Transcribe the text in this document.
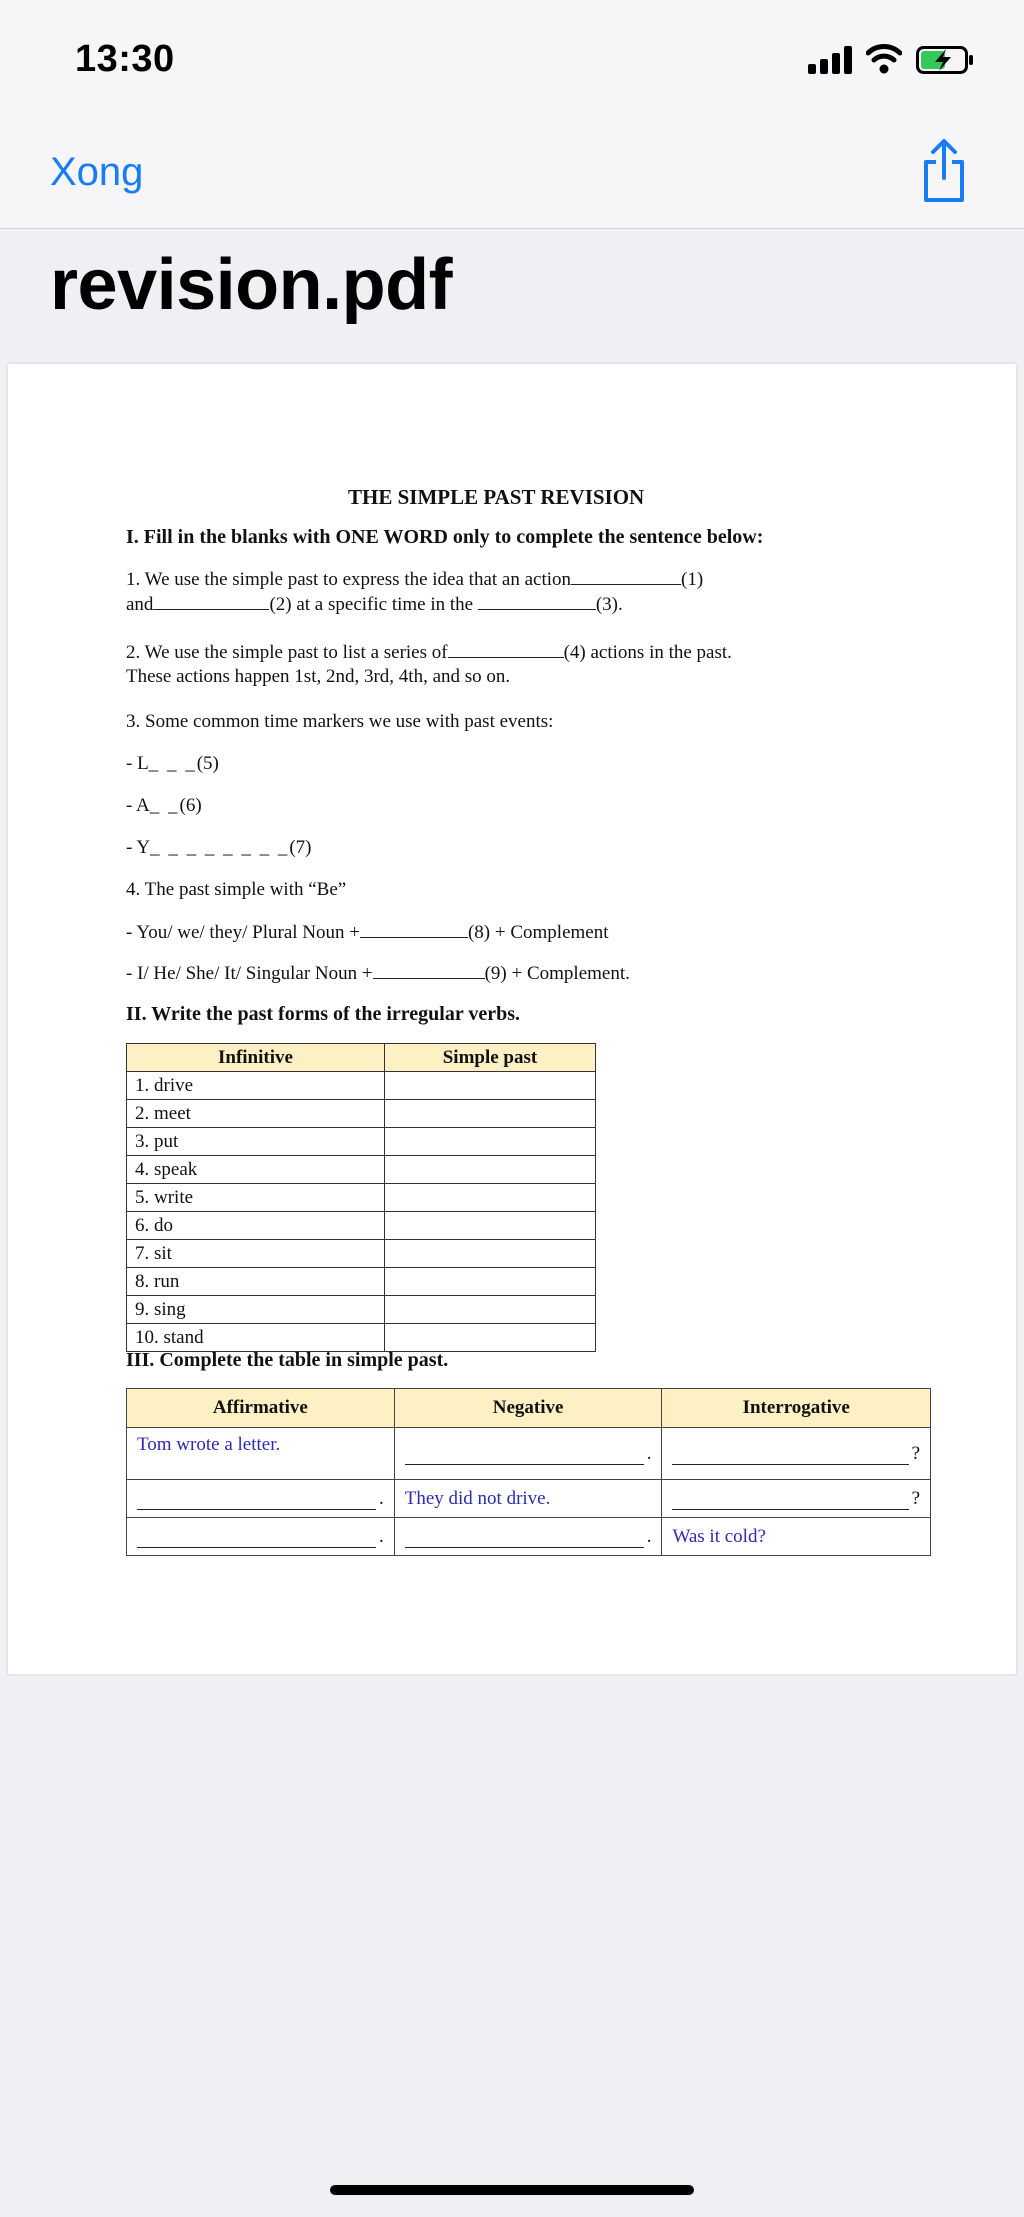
13:30
Xong
revision.pdf
THE SIMPLE PAST REVISION
I. Fill in the blanks with ONE WORD only to complete the sentence below:
1. We use the simple past to express the idea that an action	(1)
and	(2) at a specific time in the	(3).
2. We use the simple past to list a series of	(4) actions in the past.
These actions happen 1st, 2nd, 3rd, 4th, and so on.
3. Some common time markers we use with past events:
- L_ _ _(5)
- A_ _(6)
- Y_ _ _ _ _ _ _ _(7)
4. The past simple with “Be”
- You/ we/ they/ Plural Noun +	(8) + Complement
- I/ He/ She/ It/ Singular Noun +	(9) + Complement.
II. Write the past forms of the irregular verbs.
Infinitive	Simple past
1. drive	
2. meet	
3. put	
4. speak	
5. write	
6. do	
7. sit	
8. run	
9. sing	
10. stand	
III. Complete the table in simple past.
Affirmative	Negative	Interrogative
Tom wrote a letter.	.	?

.	They did not drive.	?

.	.	Was it cold?
